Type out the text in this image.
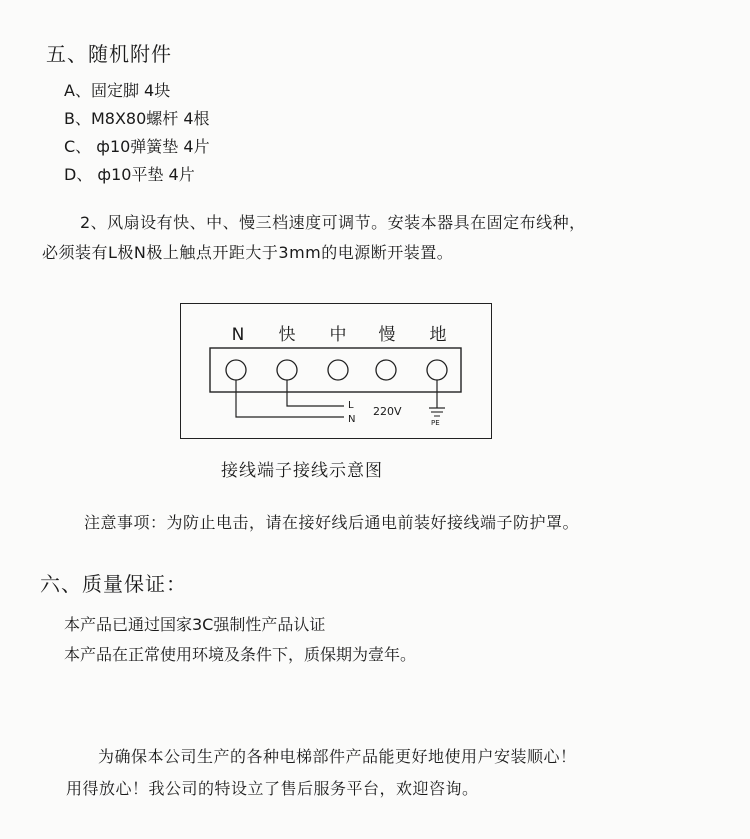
五、随机附件
A、固定脚 4块
B、M8X80螺杆 4根
C、 ф10弹簧垫 4片
D、 ф10平垫 4片
2、风扇设有快、中、慢三档速度可调节。安装本器具在固定布线种，
必须装有L极N极上触点开距大于3mm的电源断开装置。
N 快 中 慢 地
L
N
220V
PE
接线端子接线示意图
注意事项：为防止电击，请在接好线后通电前装好接线端子防护罩。
六、质量保证：
本产品已通过国家3C强制性产品认证
本产品在正常使用环境及条件下，质保期为壹年。
为确保本公司生产的各种电梯部件产品能更好地使用户安装顺心！
用得放心！我公司的特设立了售后服务平台，欢迎咨询。
